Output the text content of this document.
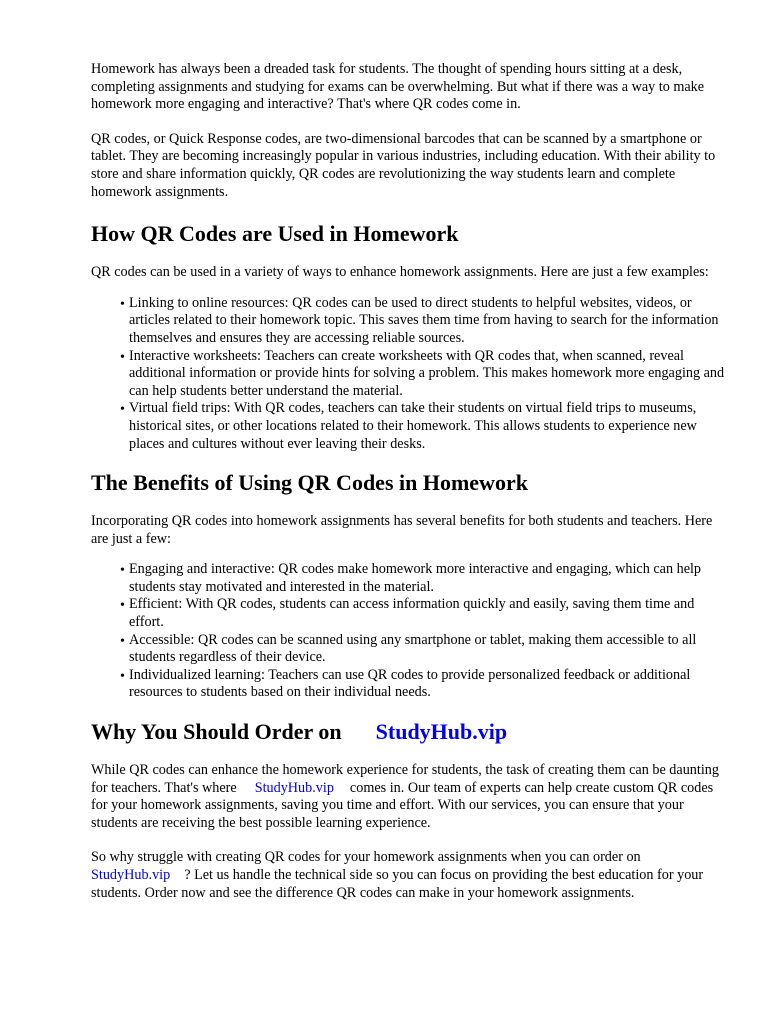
Homework has always been a dreaded task for students. The thought of spending hours sitting at a desk, completing assignments and studying for exams can be overwhelming. But what if there was a way to make homework more engaging and interactive? That's where QR codes come in.

QR codes, or Quick Response codes, are two-dimensional barcodes that can be scanned by a smartphone or tablet. They are becoming increasingly popular in various industries, including education. With their ability to store and share information quickly, QR codes are revolutionizing the way students learn and complete homework assignments.

How QR Codes are Used in Homework

QR codes can be used in a variety of ways to enhance homework assignments. Here are just a few examples:

• Linking to online resources: QR codes can be used to direct students to helpful websites, videos, or articles related to their homework topic. This saves them time from having to search for the information themselves and ensures they are accessing reliable sources.
• Interactive worksheets: Teachers can create worksheets with QR codes that, when scanned, reveal additional information or provide hints for solving a problem. This makes homework more engaging and can help students better understand the material.
• Virtual field trips: With QR codes, teachers can take their students on virtual field trips to museums, historical sites, or other locations related to their homework. This allows students to experience new places and cultures without ever leaving their desks.
The Benefits of Using QR Codes in Homework

Incorporating QR codes into homework assignments has several benefits for both students and teachers. Here are just a few:

• Engaging and interactive: QR codes make homework more interactive and engaging, which can help students stay motivated and interested in the material.
• Efficient: With QR codes, students can access information quickly and easily, saving them time and effort.
• Accessible: QR codes can be scanned using any smartphone or tablet, making them accessible to all students regardless of their device.
• Individualized learning: Teachers can use QR codes to provide personalized feedback or additional resources to students based on their individual needs.
Why You Should Order on StudyHub.vip

While QR codes can enhance the homework experience for students, the task of creating them can be daunting for teachers. That's where StudyHub.vip comes in. Our team of experts can help create custom QR codes for your homework assignments, saving you time and effort. With our services, you can ensure that your students are receiving the best possible learning experience.

So why struggle with creating QR codes for your homework assignments when you can order on StudyHub.vip ? Let us handle the technical side so you can focus on providing the best education for your students. Order now and see the difference QR codes can make in your homework assignments.
